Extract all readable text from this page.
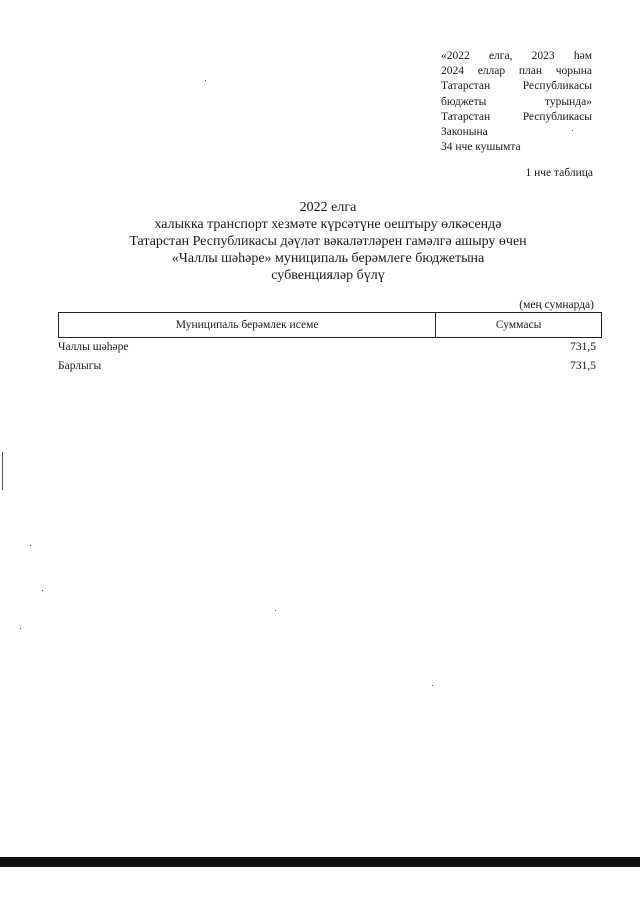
«2022 елга, 2023 һәм
2024 еллар план чорына
Татарстан Республикасы
бюджеты турында»
Татарстан Республикасы
Законына
34 нче кушымта
1 нче таблица
2022 елга
халыкка транспорт хезмәте күрсәтүне оештыру өлкәсендә
Татарстан Республикасы дәүләт вәкаләтләрен гамәлгә ашыру өчен
«Чаллы шәһәре» муниципаль берәмлеге бюджетына
субвенцияләр бүлү
(мең сумнарда)
Муниципаль берәмлек исеме	Суммасы
Чаллы шәһәре	731,5
Барлыгы	731,5
